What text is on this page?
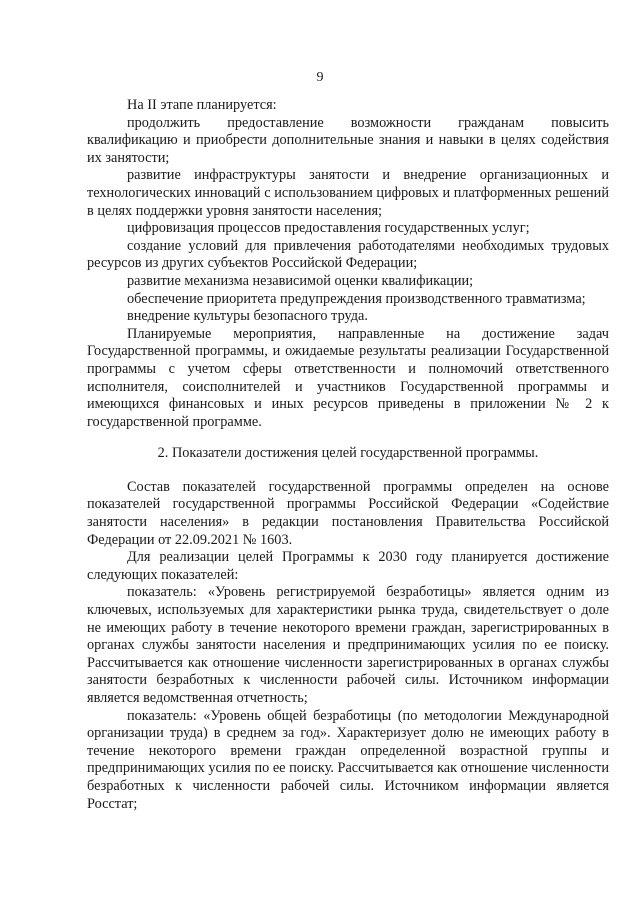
9

На II этапе планируется:

продолжить предоставление возможности гражданам повысить квалификацию и приобрести дополнительные знания и навыки в целях содействия их занятости;

развитие инфраструктуры занятости и внедрение организационных и технологических инноваций с использованием цифровых и платформенных решений в целях поддержки уровня занятости населения;

цифровизация процессов предоставления государственных услуг;

создание условий для привлечения работодателями необходимых трудовых ресурсов из других субъектов Российской Федерации;

развитие механизма независимой оценки квалификации;

обеспечение приоритета предупреждения производственного травматизма;

внедрение культуры безопасного труда.

Планируемые мероприятия, направленные на достижение задач Государственной программы, и ожидаемые результаты реализации Государственной программы с учетом сферы ответственности и полномочий ответственного исполнителя, соисполнителей и участников Государственной программы и имеющихся финансовых и иных ресурсов приведены в приложении № 2 к государственной программе.

2. Показатели достижения целей государственной программы.

Состав показателей государственной программы определен на основе показателей государственной программы Российской Федерации «Содействие занятости населения» в редакции постановления Правительства Российской Федерации от 22.09.2021 № 1603.

Для реализации целей Программы к 2030 году планируется достижение следующих показателей:

показатель: «Уровень регистрируемой безработицы» является одним из ключевых, используемых для характеристики рынка труда, свидетельствует о доле не имеющих работу в течение некоторого времени граждан, зарегистрированных в органах службы занятости населения и предпринимающих усилия по ее поиску. Рассчитывается как отношение численности зарегистрированных в органах службы занятости безработных к численности рабочей силы. Источником информации является ведомственная отчетность;

показатель: «Уровень общей безработицы (по методологии Международной организации труда) в среднем за год». Характеризует долю не имеющих работу в течение некоторого времени граждан определенной возрастной группы и предпринимающих усилия по ее поиску. Рассчитывается как отношение численности безработных к численности рабочей силы. Источником информации является Росстат;
